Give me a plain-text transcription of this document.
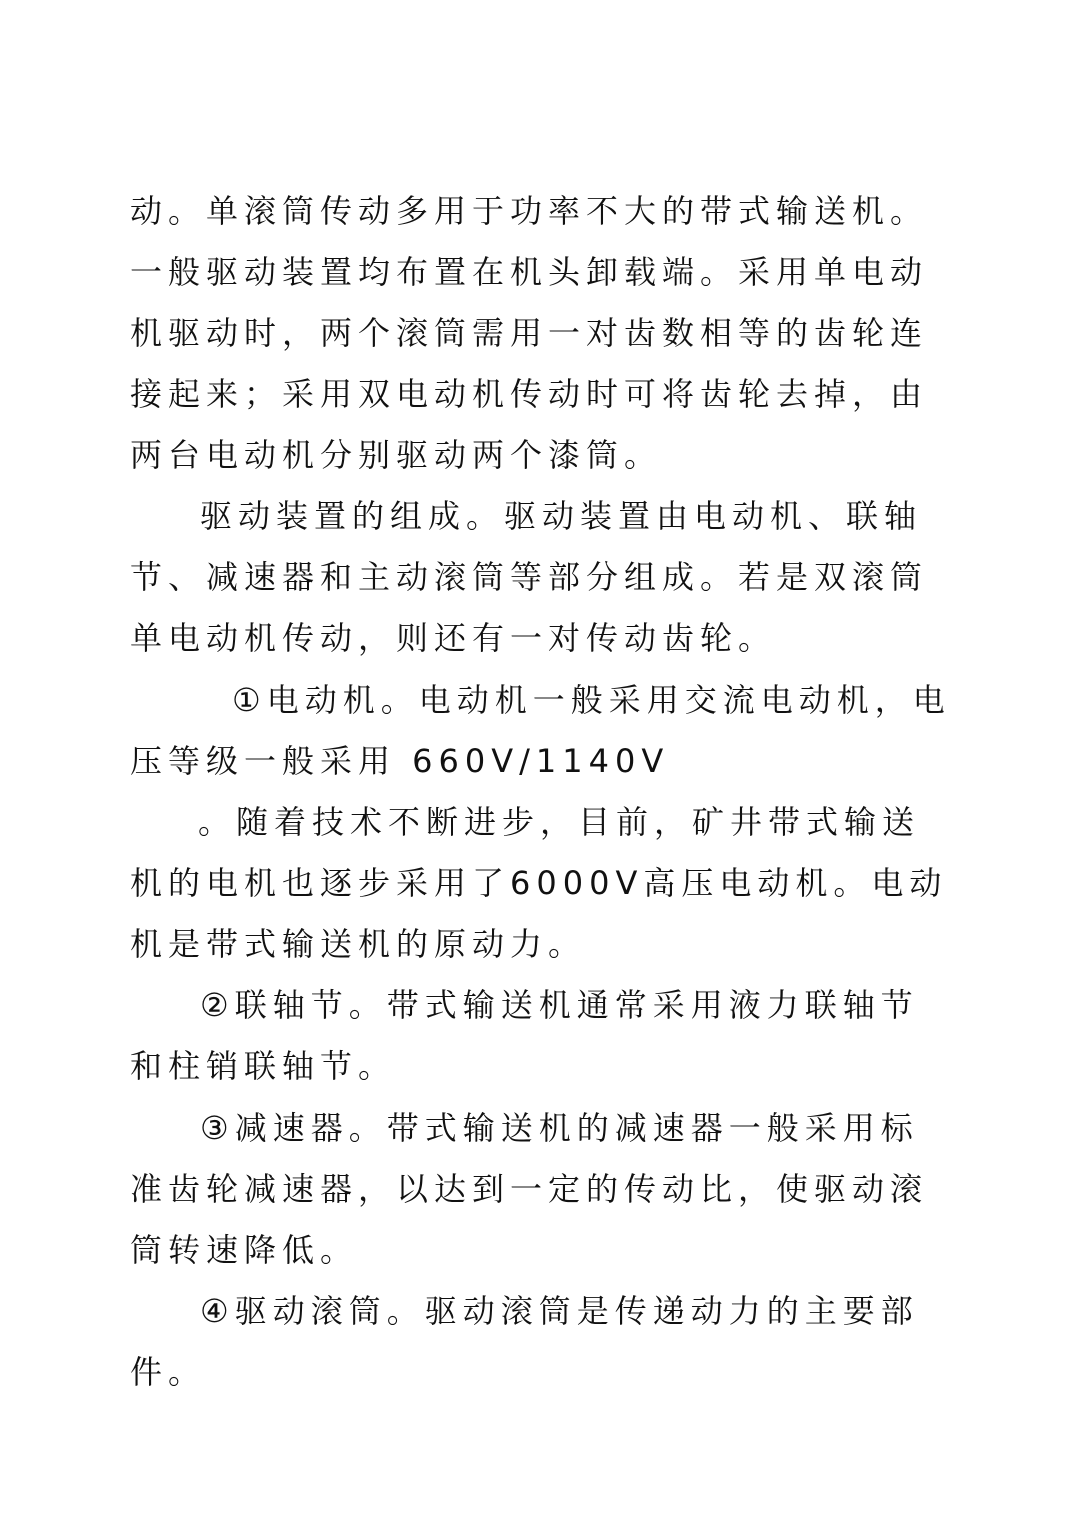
动。单滚筒传动多用于功率不大的带式输送机。
一般驱动装置均布置在机头卸载端。采用单电动
机驱动时，两个滚筒需用一对齿数相等的齿轮连
接起来；采用双电动机传动时可将齿轮去掉，由
两台电动机分别驱动两个漆筒。
驱动装置的组成。驱动装置由电动机、联轴
节、减速器和主动滚筒等部分组成。若是双滚筒
单电动机传动，则还有一对传动齿轮。
①电动机。电动机一般采用交流电动机，电
压等级一般采用 660V/1140V
。随着技术不断进步，目前，矿井带式输送
机的电机也逐步采用了6000V高压电动机。电动
机是带式输送机的原动力。
②联轴节。带式输送机通常采用液力联轴节
和柱销联轴节。
③减速器。带式输送机的减速器一般采用标
准齿轮减速器，以达到一定的传动比，使驱动滚
筒转速降低。
④驱动滚筒。驱动滚筒是传递动力的主要部
件。
